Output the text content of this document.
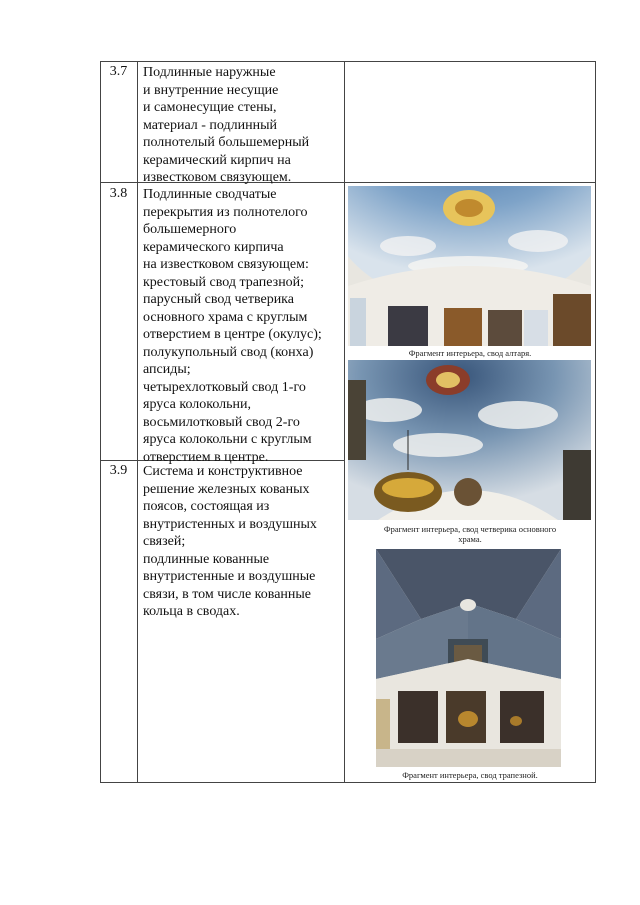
3.7	Подлинные наружные
и внутренние несущие
и самонесущие стены,
материал - подлинный
полнотелый большемерный
керамический кирпич на
известковом связующем.

3.8	Подлинные сводчатые
перекрытия из полнотелого
большемерного
керамического кирпича
на известковом связующем:
крестовый свод трапезной;
парусный свод четверика
основного храма с круглым
отверстием в центре (окулус);
полукупольный свод (конха)
апсиды;
четырехлотковый свод 1-го
яруса колокольни,
восьмилотковый свод 2-го
яруса колокольни с круглым
отверстием в центре.

3.9	Система и конструктивное
решение железных кованых
поясов, состоящая из
внутристенных и воздушных
связей;
подлинные кованные
внутристенные и воздушные
связи, в том числе кованные
кольца в сводах.

Фрагмент интерьера, свод алтаря.
Фрагмент интерьера, свод четверика основного
храма.
Фрагмент интерьера, свод трапезной.
